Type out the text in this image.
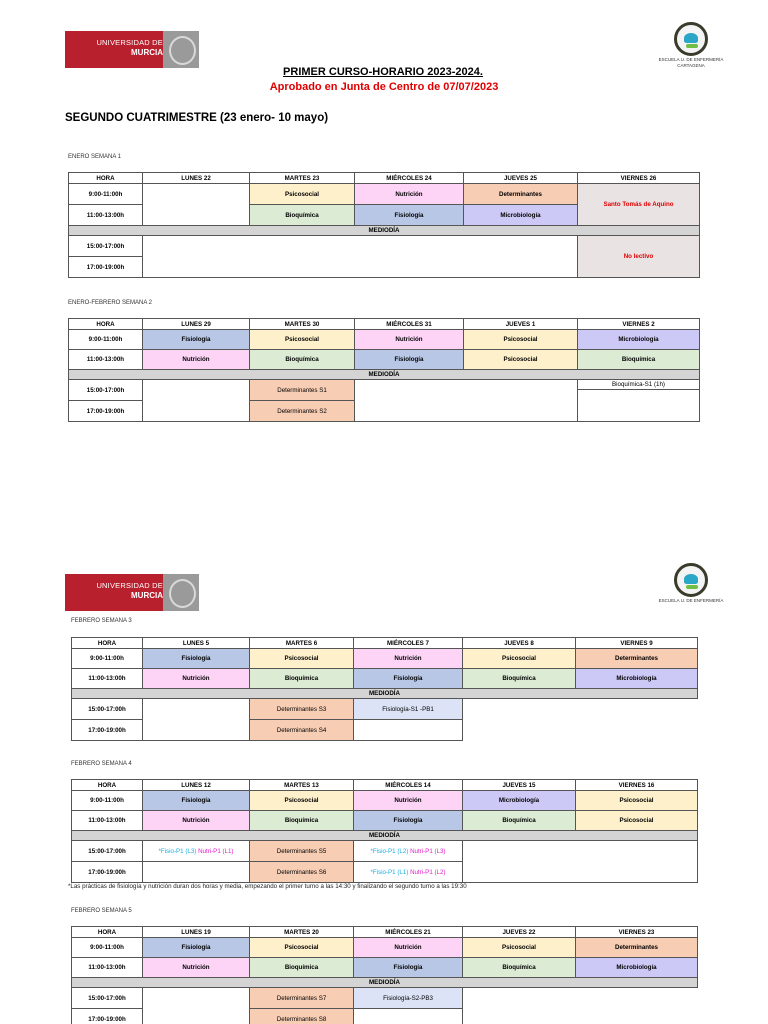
UNIVERSIDAD DE
MURCIA
ESCUELA U. DE ENFERMERÍA
CARTAGENA
PRIMER CURSO-HORARIO 2023-2024.
Aprobado en Junta de Centro de 07/07/2023
SEGUNDO CUATRIMESTRE (23 enero- 10 mayo)
ENERO SEMANA 1
HORA	LUNES 22	MARTES 23	MIÉRCOLES 24	JUEVES 25	VIERNES 26
9:00-11:00h		Psicosocial	Nutrición	Determinantes	Santo Tomás de Aquino
11:00-13:00h		Bioquímica	Fisiología	Microbiología	
MEDIODÍA					
15:00-17:00h					No lectivo
17:00-19:00h					
ENERO-FEBRERO SEMANA 2
HORA	LUNES 29	MARTES 30	MIÉRCOLES 31	JUEVES 1	VIERNES 2
9:00-11:00h	Fisiología	Psicosocial	Nutrición	Psicosocial	Microbiología
11:00-13:00h	Nutrición	Bioquímica	Fisiología	Psicosocial	Bioquímica
MEDIODÍA					
15:00-17:00h		Determinantes S1			Bioquímica-S1 (1h)

17:00-19:00h		Determinantes S2			
UNIVERSIDAD DE
MURCIA
ESCUELA U. DE ENFERMERÍA
FEBRERO SEMANA 3
HORA	LUNES 5	MARTES 6	MIÉRCOLES 7	JUEVES 8	VIERNES 9
9:00-11:00h	Fisiología	Psicosocial	Nutrición	Psicosocial	Determinantes
11:00-13:00h	Nutrición	Bioquímica	Fisiología	Bioquímica	Microbiología
MEDIODÍA					
15:00-17:00h		Determinantes S3	Fisiología-S1 -PB1		
17:00-19:00h		Determinantes S4			
FEBRERO SEMANA 4
HORA	LUNES 12	MARTES 13	MIÉRCOLES 14	JUEVES 15	VIERNES 16
9:00-11:00h	Fisiología	Psicosocial	Nutrición	Microbiología	Psicosocial
11:00-13:00h	Nutrición	Bioquímica	Fisiología	Bioquímica	Psicosocial
MEDIODÍA					
15:00-17:00h	*Fisio-P1 (L3) Nutri-P1 (L1)	Determinantes S5	*Fisio-P1 (L2) Nutri-P1 (L3)		
17:00-19:00h		Determinantes S6	*Fisio-P1 (L1) Nutri-P1 (L2)		
*Las prácticas de fisiología y nutrición duran dos horas y media, empezando el primer turno a las 14:30 y finalizando el segundo turno a las 19:30
FEBRERO SEMANA 5
HORA	LUNES 19	MARTES 20	MIÉRCOLES 21	JUEVES 22	VIERNES 23
9:00-11:00h	Fisiología	Psicosocial	Nutrición	Psicosocial	Determinantes
11:00-13:00h	Nutrición	Bioquímica	Fisiología	Bioquímica	Microbiología
MEDIODÍA					
15:00-17:00h		Determinantes S7	Fisiología-S2-PB3		
17:00-19:00h		Determinantes S8			
